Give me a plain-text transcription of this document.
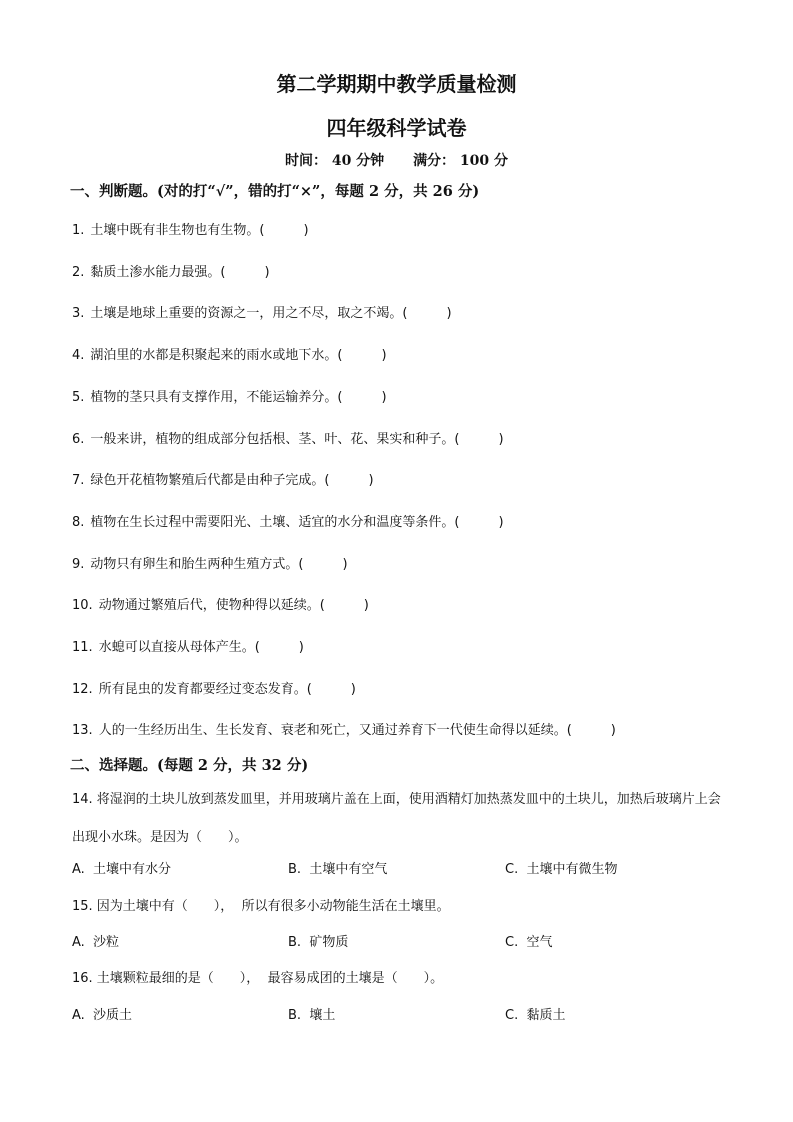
第二学期期中教学质量检测
四年级科学试卷
时间： 40 分钟 满分： 100 分
一、判断题。(对的打“√”，错的打“×”，每题 2 分，共 26 分)
1. 土壤中既有非生物也有生物。(　　　)
2. 黏质土渗水能力最强。(　　　)
3. 土壤是地球上重要的资源之一，用之不尽，取之不竭。(　　　)
4. 湖泊里的水都是积聚起来的雨水或地下水。(　　　)
5. 植物的茎只具有支撑作用，不能运输养分。(　　　)
6. 一般来讲，植物的组成部分包括根、茎、叶、花、果实和种子。(　　　)
7. 绿色开花植物繁殖后代都是由种子完成。(　　　)
8. 植物在生长过程中需要阳光、土壤、适宜的水分和温度等条件。(　　　)
9. 动物只有卵生和胎生两种生殖方式。(　　　)
10. 动物通过繁殖后代，使物种得以延续。(　　　)
11. 水螅可以直接从母体产生。(　　　)
12. 所有昆虫的发育都要经过变态发育。(　　　)
13. 人的一生经历出生、生长发育、衰老和死亡，又通过养育下一代使生命得以延续。(　　　)
二、选择题。(每题 2 分，共 32 分)
14. 将湿润的土块儿放到蒸发皿里，并用玻璃片盖在上面，使用酒精灯加热蒸发皿中的土块儿，加热后玻璃片上会出现小水珠。是因为（　　）。
A.  土壤中有水分	B.  土壤中有空气	C.  土壤中有微生物
15. 因为土壤中有（　　），  所以有很多小动物能生活在土壤里。
A.  沙粒	B.  矿物质	C.  空气
16. 土壤颗粒最细的是（　　），  最容易成团的土壤是（　　）。
A.  沙质土	B.  壤土	C.  黏质土
